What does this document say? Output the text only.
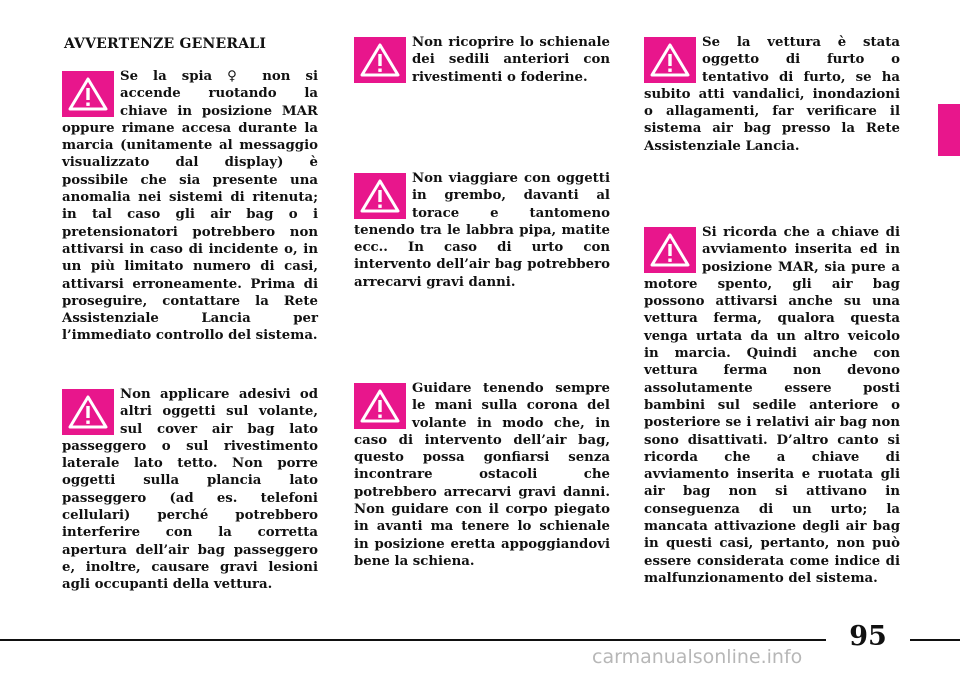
AVVERTENZE GENERALI
Se la spia ♀ non si accende ruotando la chiave in posizione MAR oppure rimane accesa durante la marcia (unitamente al messaggio visualizzato dal display) è possibile che sia presente una anomalia nei sistemi di ritenuta; in tal caso gli air bag o i pretensionatori potrebbero non attivarsi in caso di incidente o, in un più limitato numero di casi, attivarsi erroneamente. Prima di proseguire, contattare la Rete Assistenziale Lancia per l’immediato controllo del sistema.
Non applicare adesivi od altri oggetti sul volante, sul cover air bag lato passeggero o sul rivestimento laterale lato tetto. Non porre oggetti sulla plancia lato passeggero (ad es. telefoni cellulari) perché potrebbero interferire con la corretta apertura dell’air bag passeggero e, inoltre, causare gravi lesioni agli occupanti della vettura.
Non ricoprire lo schienale dei sedili anteriori con rivestimenti o foderine.
Non viaggiare con oggetti in grembo, davanti al torace e tantomeno tenendo tra le labbra pipa, matite ecc.. In caso di urto con intervento dell’air bag potrebbero arrecarvi gravi danni.
Guidare tenendo sempre le mani sulla corona del volante in modo che, in caso di intervento dell’air bag, questo possa gonfiarsi senza incontrare ostacoli che potrebbero arrecarvi gravi danni. Non guidare con il corpo piegato in avanti ma tenere lo schienale in posizione eretta appoggiandovi bene la schiena.
Se la vettura è stata oggetto di furto o tentativo di furto, se ha subito atti vandalici, inondazioni o allagamenti, far verificare il sistema air bag presso la Rete Assistenziale Lancia.
Si ricorda che a chiave di avviamento inserita ed in posizione MAR, sia pure a motore spento, gli air bag possono attivarsi anche su una vettura ferma, qualora questa venga urtata da un altro veicolo in marcia. Quindi anche con vettura ferma non devono assolutamente essere posti bambini sul sedile anteriore o posteriore se i relativi air bag non sono disattivati. D’altro canto si ricorda che a chiave di avviamento inserita e ruotata gli air bag non si attivano in conseguenza di un urto; la mancata attivazione degli air bag in questi casi, pertanto, non può essere considerata come indice di malfunzionamento del sistema.
95
carmanualsonline.info
